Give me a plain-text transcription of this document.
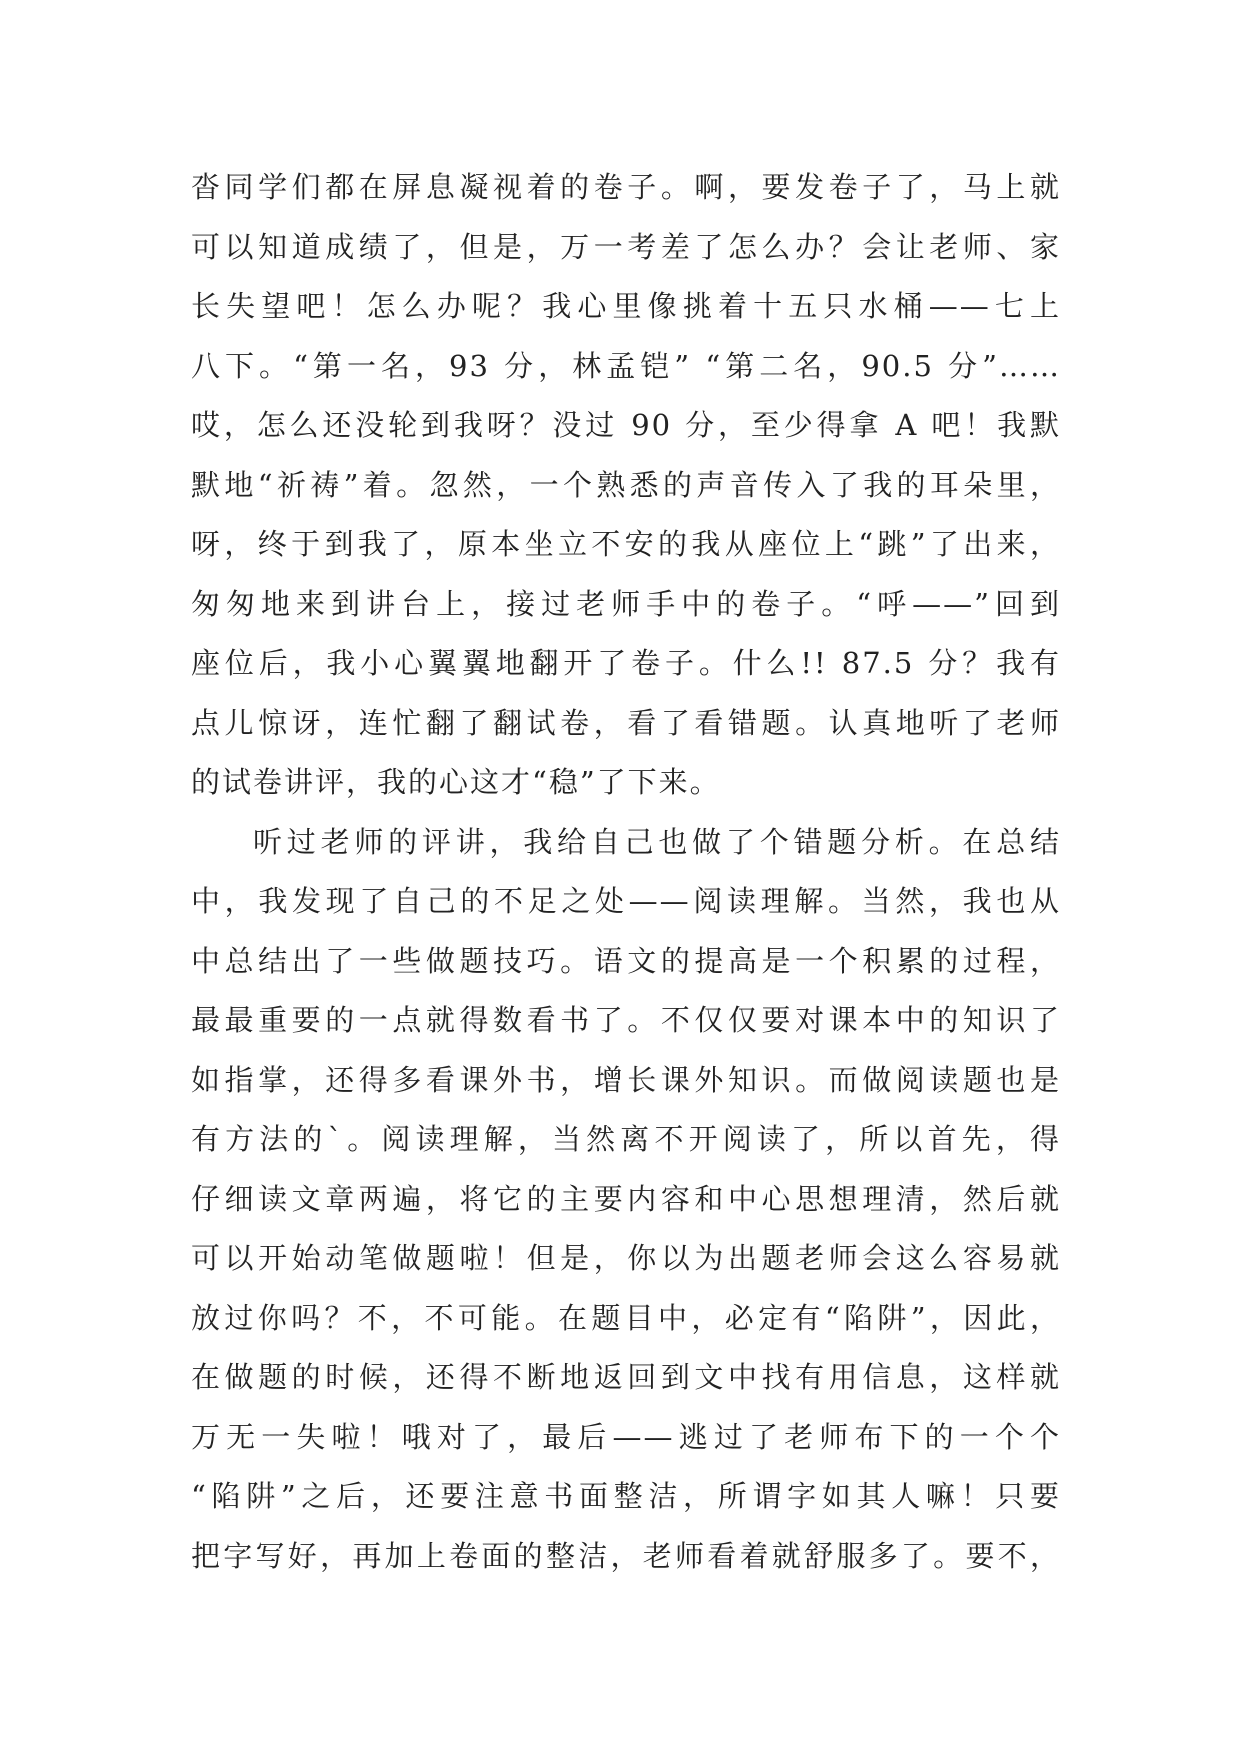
沓同学们都在屏息凝视着的卷子。啊，要发卷子了，马上就
可以知道成绩了，但是，万一考差了怎么办？会让老师、家
长失望吧！怎么办呢？我心里像挑着十五只水桶——七上
八下。“第一名，93 分，林孟铠” “第二名，90.5 分”……
哎，怎么还没轮到我呀？没过 90 分，至少得拿 A 吧！我默
默地“祈祷”着。忽然，一个熟悉的声音传入了我的耳朵里，
呀，终于到我了，原本坐立不安的我从座位上“跳”了出来，
匆匆地来到讲台上，接过老师手中的卷子。“呼——”回到
座位后，我小心翼翼地翻开了卷子。什么!! 87.5 分？我有
点儿惊讶，连忙翻了翻试卷，看了看错题。认真地听了老师
的试卷讲评，我的心这才“稳”了下来。
听过老师的评讲，我给自己也做了个错题分析。在总结
中，我发现了自己的不足之处——阅读理解。当然，我也从
中总结出了一些做题技巧。语文的提高是一个积累的过程，
最最重要的一点就得数看书了。不仅仅要对课本中的知识了
如指掌，还得多看课外书，增长课外知识。而做阅读题也是
有方法的`。阅读理解，当然离不开阅读了，所以首先，得
仔细读文章两遍，将它的主要内容和中心思想理清，然后就
可以开始动笔做题啦！但是，你以为出题老师会这么容易就
放过你吗？不，不可能。在题目中，必定有“陷阱”，因此，
在做题的时候，还得不断地返回到文中找有用信息，这样就
万无一失啦！哦对了，最后——逃过了老师布下的一个个
“陷阱”之后，还要注意书面整洁，所谓字如其人嘛！只要
把字写好，再加上卷面的整洁，老师看着就舒服多了。要不，
